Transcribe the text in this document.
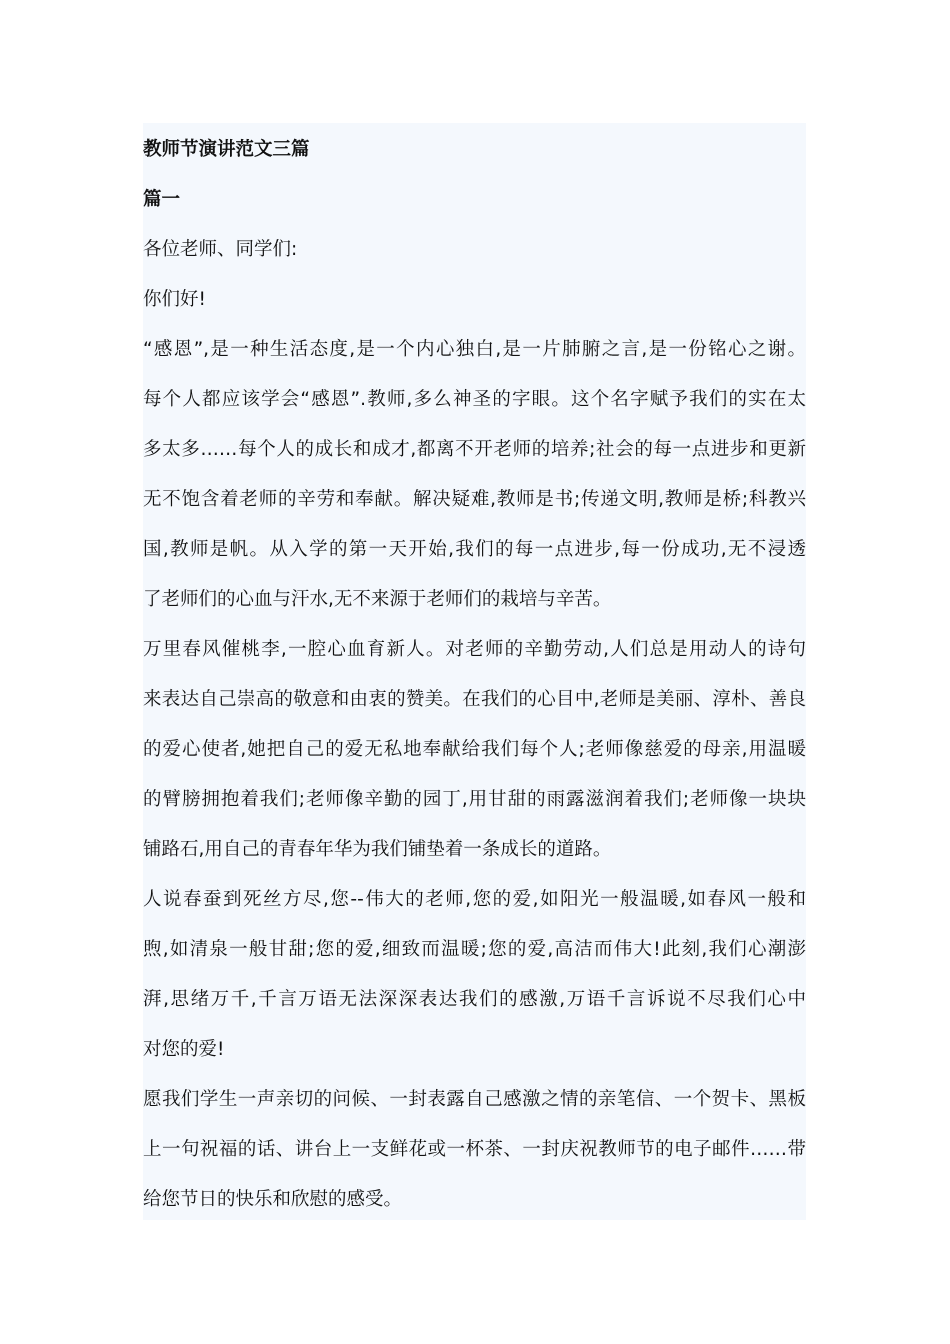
教师节演讲范文三篇
篇一
各位老师、同学们:
你们好!
“感恩”,是一种生活态度,是一个内心独白,是一片肺腑之言,是一份铭心之谢。
每个人都应该学会“感恩”.教师,多么神圣的字眼。这个名字赋予我们的实在太
多太多……每个人的成长和成才,都离不开老师的培养;社会的每一点进步和更新
无不饱含着老师的辛劳和奉献。解决疑难,教师是书;传递文明,教师是桥;科教兴
国,教师是帆。从入学的第一天开始,我们的每一点进步,每一份成功,无不浸透
了老师们的心血与汗水,无不来源于老师们的栽培与辛苦。
万里春风催桃李,一腔心血育新人。对老师的辛勤劳动,人们总是用动人的诗句
来表达自己崇高的敬意和由衷的赞美。在我们的心目中,老师是美丽、淳朴、善良
的爱心使者,她把自己的爱无私地奉献给我们每个人;老师像慈爱的母亲,用温暖
的臂膀拥抱着我们;老师像辛勤的园丁,用甘甜的雨露滋润着我们;老师像一块块
铺路石,用自己的青春年华为我们铺垫着一条成长的道路。
人说春蚕到死丝方尽,您--伟大的老师,您的爱,如阳光一般温暖,如春风一般和
煦,如清泉一般甘甜;您的爱,细致而温暖;您的爱,高洁而伟大!此刻,我们心潮澎
湃,思绪万千,千言万语无法深深表达我们的感激,万语千言诉说不尽我们心中
对您的爱!
愿我们学生一声亲切的问候、一封表露自己感激之情的亲笔信、一个贺卡、黑板
上一句祝福的话、讲台上一支鲜花或一杯茶、一封庆祝教师节的电子邮件……带
给您节日的快乐和欣慰的感受。
